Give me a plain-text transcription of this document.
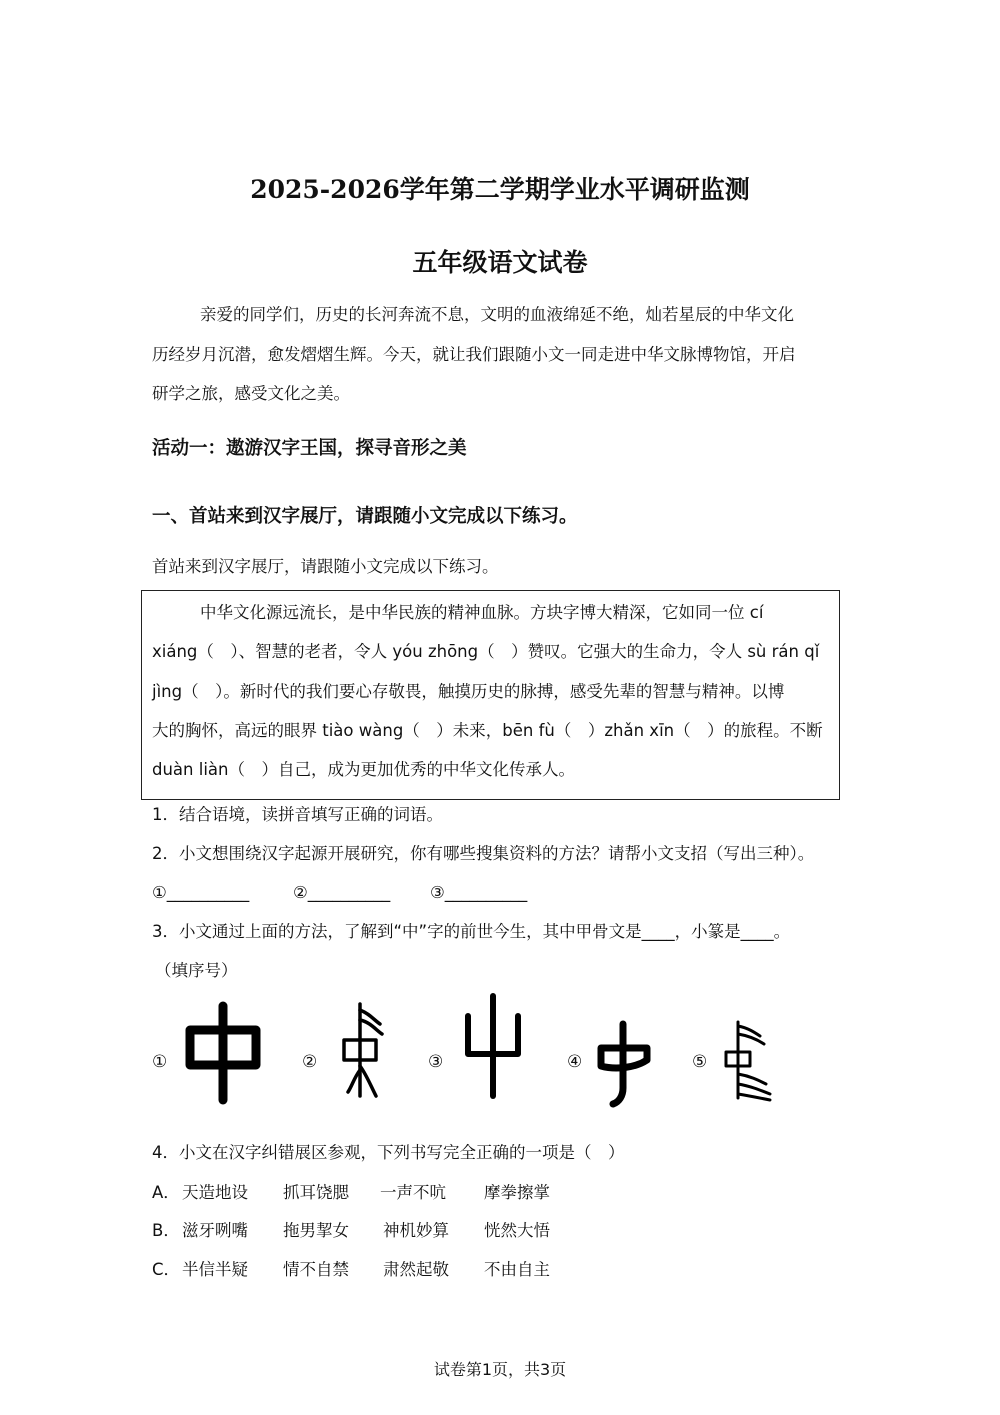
2025-2026学年第二学期学业水平调研监测
五年级语文试卷
亲爱的同学们，历史的长河奔流不息，文明的血液绵延不绝，灿若星辰的中华文化
历经岁月沉潜，愈发熠熠生辉。今天，就让我们跟随小文一同走进中华文脉博物馆，开启
研学之旅，感受文化之美。
活动一：遨游汉字王国，探寻音形之美
一、首站来到汉字展厅，请跟随小文完成以下练习。
首站来到汉字展厅，请跟随小文完成以下练习。
中华文化源远流长，是中华民族的精神血脉。方块字博大精深，它如同一位 cí
xiáng（　）、智慧的老者，令人 yóu zhōng（　）赞叹。它强大的生命力，令人 sù rán qǐ
jìng（　）。新时代的我们要心存敬畏，触摸历史的脉搏，感受先辈的智慧与精神。以博
大的胸怀，高远的眼界 tiào wàng（　）未来，bēn fù（　）zhǎn xīn（　）的旅程。不断
duàn liàn（　）自己，成为更加优秀的中华文化传承人。
1．结合语境，读拼音填写正确的词语。
2．小文想围绕汉字起源开展研究，你有哪些搜集资料的方法？请帮小文支招（写出三种）。
①__________	②__________ ③__________
3．小文通过上面的方法，了解到“中”字的前世今生，其中甲骨文是____，小篆是____。
（填序号）
①	②	③	④	⑤
4．小文在汉字纠错展区参观，下列书写完全正确的一项是（　）
A． 天造地设 抓耳饶腮 一声不吭 摩拳擦掌
B． 滋牙咧嘴 拖男挈女 神机妙算 恍然大悟
C． 半信半疑 情不自禁 肃然起敬 不由自主
试卷第1页，共3页
